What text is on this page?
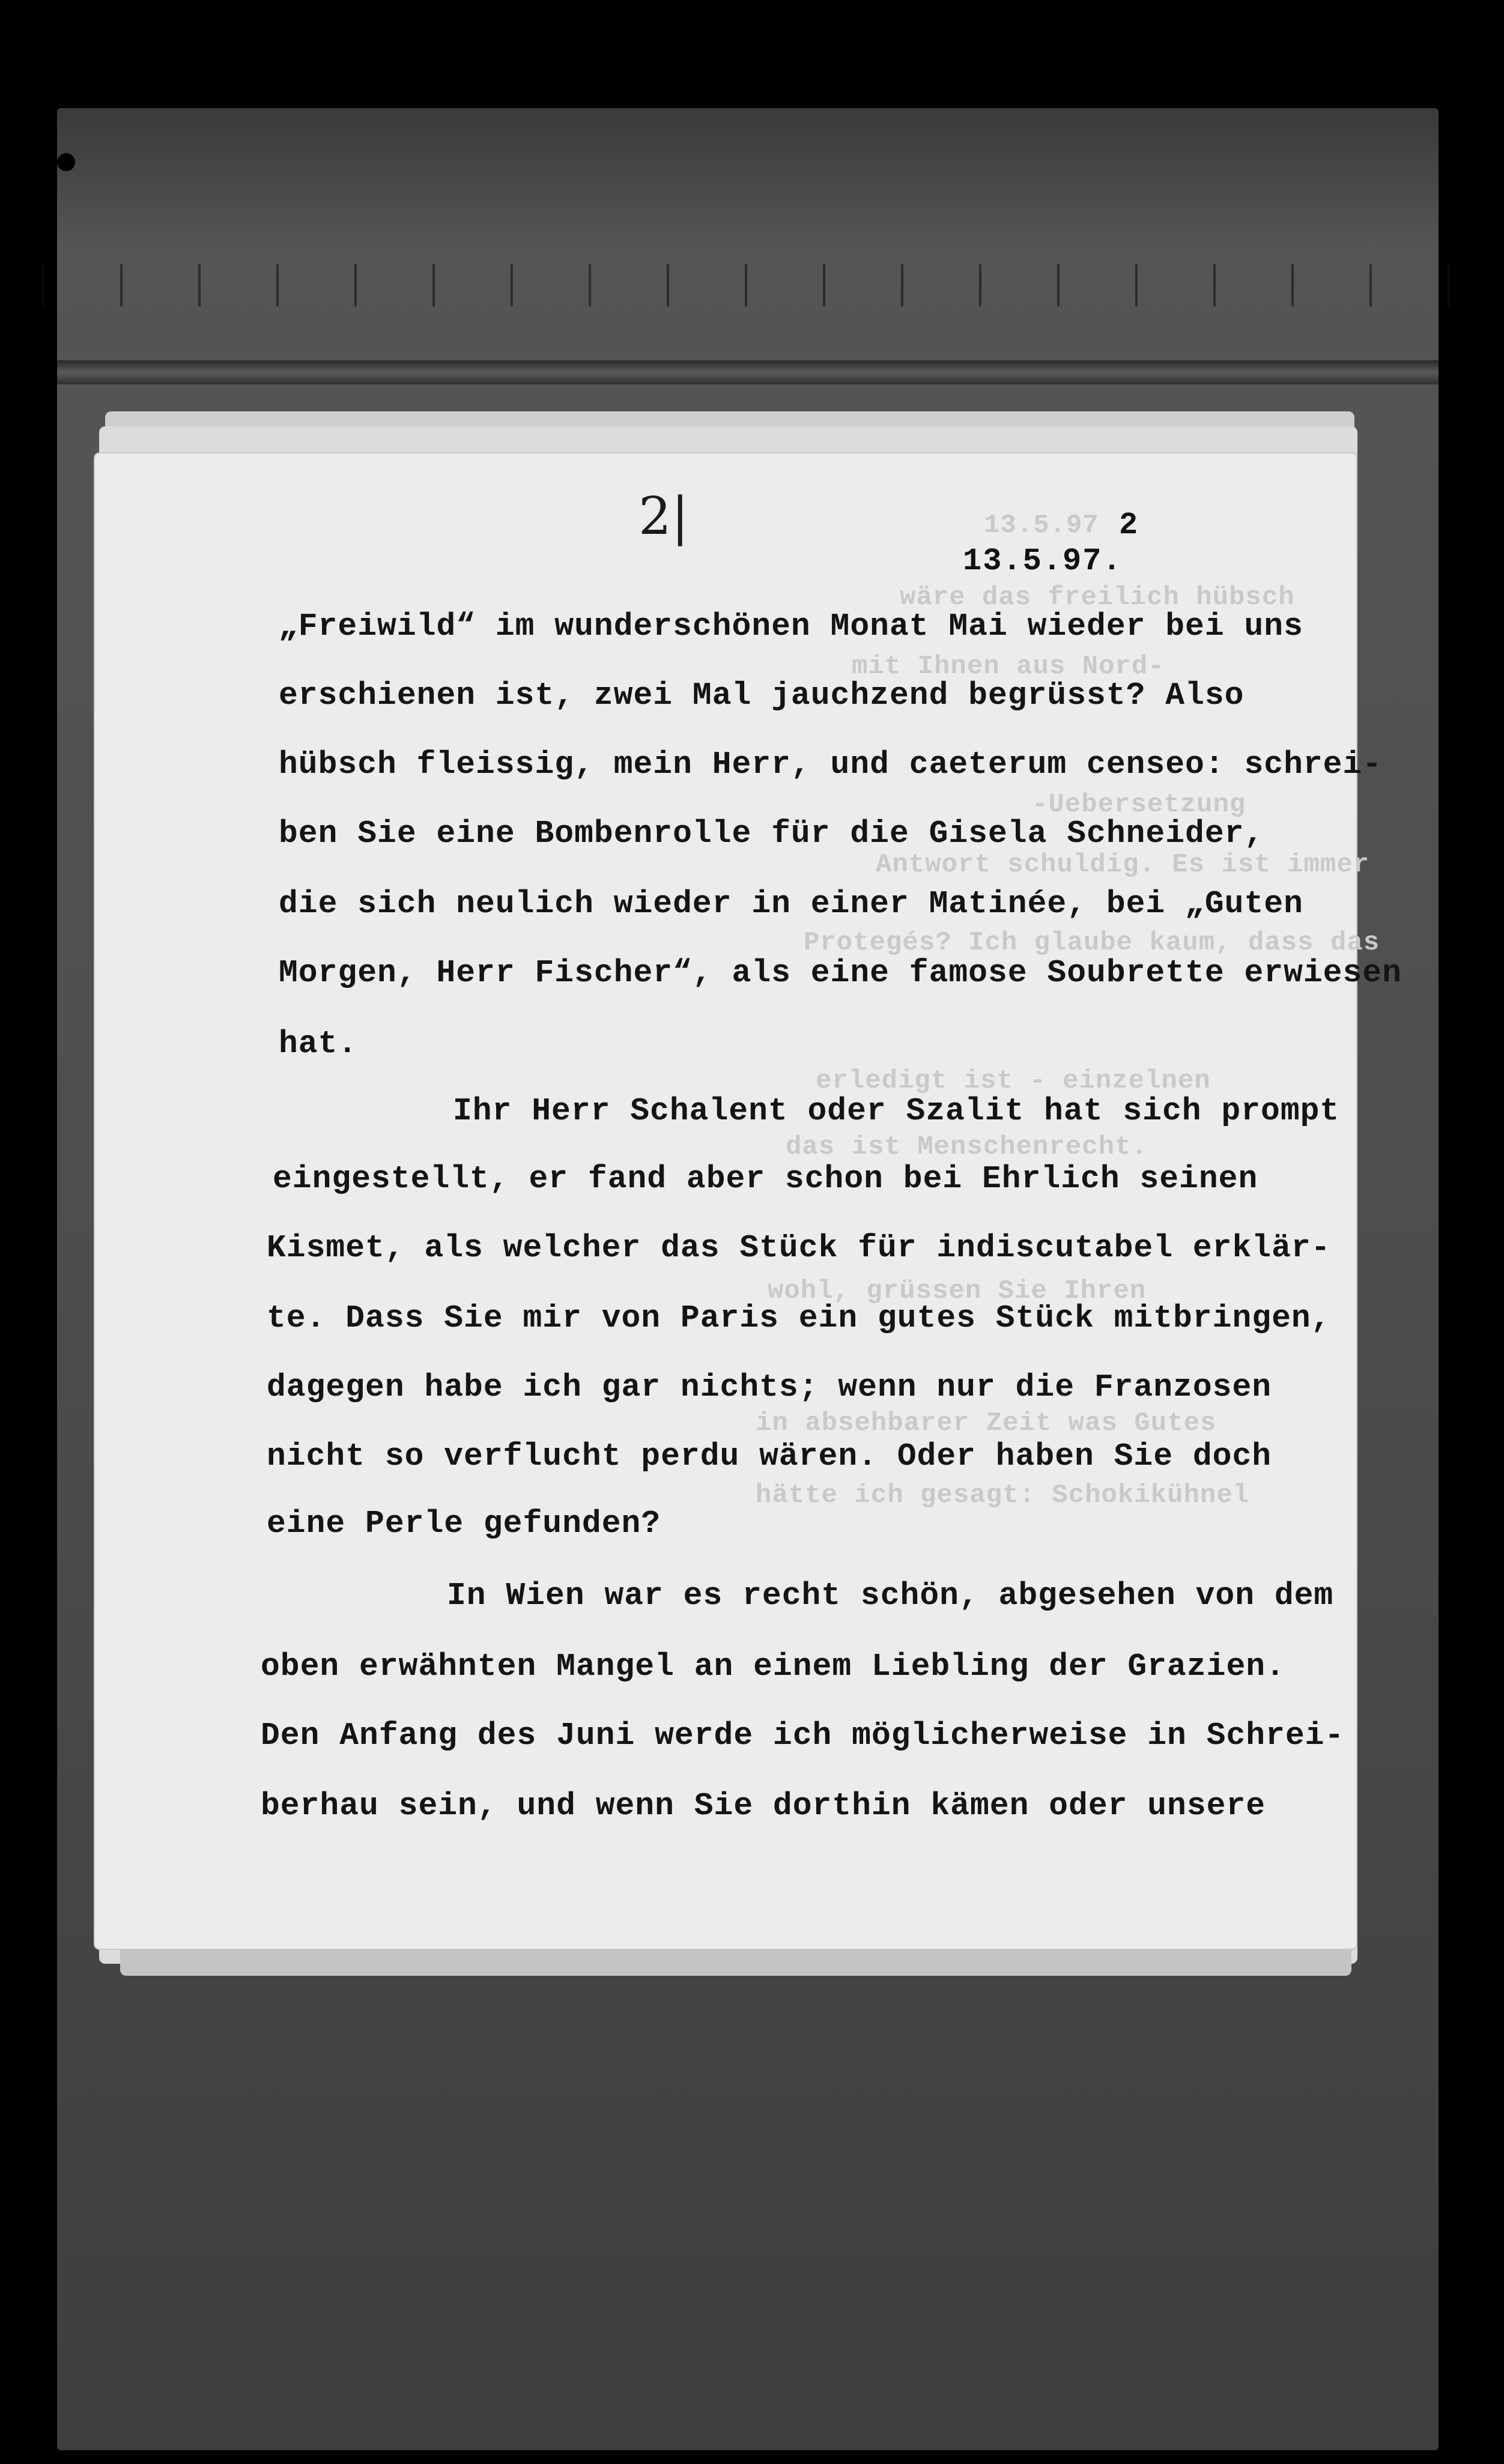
13.5.97
wäre das freilich hübsch
mit Ihnen aus Nord-
-Uebersetzung
Antwort schuldig. Es ist immer
Protegés? Ich glaube kaum, dass das
erledigt ist - einzelnen
das ist Menschenrecht.
wohl, grüssen Sie Ihren
in absehbarer Zeit was Gutes
hätte ich gesagt: Schokikühnel
2|	2
13.5.97.
„Freiwild“ im wunderschönen Monat Mai wieder bei uns
erschienen ist, zwei Mal jauchzend begrüsst? Also
hübsch fleissig, mein Herr, und caeterum censeo: schrei-
ben Sie eine Bombenrolle für die Gisela Schneider,
die sich neulich wieder in einer Matinée, bei „Guten
Morgen, Herr Fischer“, als eine famose Soubrette erwiesen
hat.
Ihr Herr Schalent oder Szalit hat sich prompt
eingestellt, er fand aber schon bei Ehrlich seinen
Kismet, als welcher das Stück für indiscutabel erklär-
te. Dass Sie mir von Paris ein gutes Stück mitbringen,
dagegen habe ich gar nichts; wenn nur die Franzosen
nicht so verflucht perdu wären. Oder haben Sie doch
eine Perle gefunden?
In Wien war es recht schön, abgesehen von dem
oben erwähnten Mangel an einem Liebling der Grazien.
Den Anfang des Juni werde ich möglicherweise in Schrei-
berhau sein, und wenn Sie dorthin kämen oder unsere
